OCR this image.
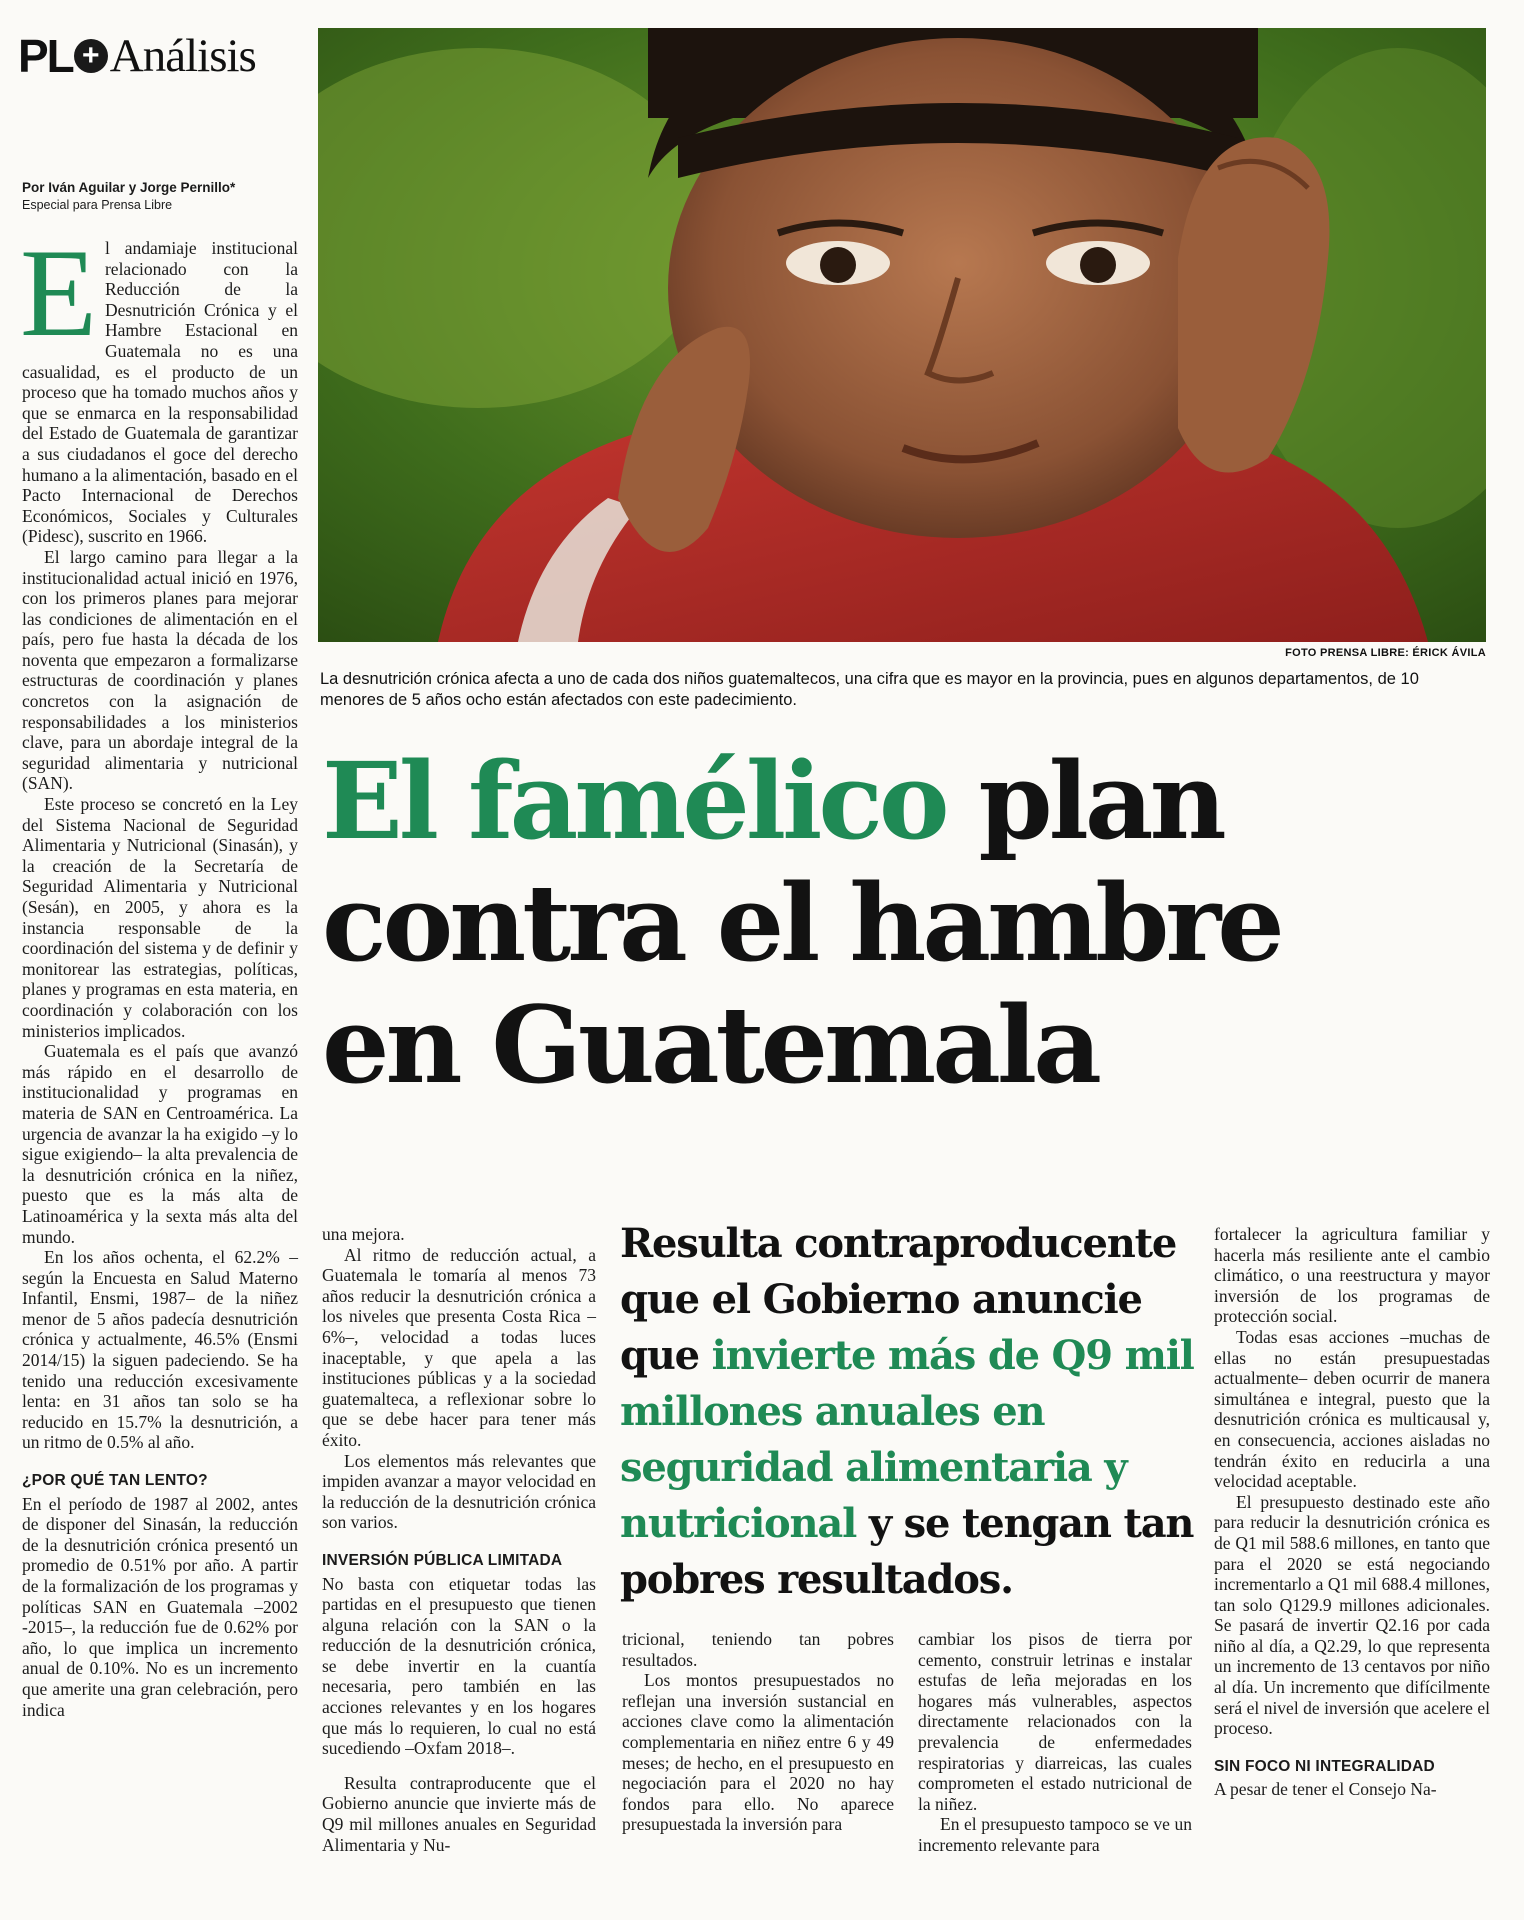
PL + Análisis
FOTO PRENSA LIBRE: ÉRICK ÁVILA
La desnutrición crónica afecta a uno de cada dos niños guatemaltecos, una cifra que es mayor en la provincia, pues en algunos departamentos, de 10 menores de 5 años ocho están afectados con este padecimiento.
Por Iván Aguilar y Jorge Pernillo*
Especial para Prensa Libre

El andamiaje institucional relacionado con la Reducción de la Desnutrición Crónica y el Hambre Estacional en Guatemala no es una casualidad, es el producto de un proceso que ha tomado muchos años y que se enmarca en la responsabilidad del Estado de Guatemala de garantizar a sus ciudadanos el goce del derecho humano a la alimentación, basado en el Pacto Internacional de Derechos Económicos, Sociales y Culturales (Pidesc), suscrito en 1966.

El largo camino para llegar a la institucionalidad actual inició en 1976, con los primeros planes para mejorar las condiciones de alimentación en el país, pero fue hasta la década de los noventa que empezaron a formalizarse estructuras de coordinación y planes concretos con la asignación de responsabilidades a los ministerios clave, para un abordaje integral de la seguridad alimentaria y nutricional (SAN).

Este proceso se concretó en la Ley del Sistema Nacional de Seguridad Alimentaria y Nutricional (Sinasán), y la creación de la Secretaría de Seguridad Alimentaria y Nutricional (Sesán), en 2005, y ahora es la instancia responsable de la coordinación del sistema y de definir y monitorear las estrategias, políticas, planes y programas en esta materia, en coordinación y colaboración con los ministerios implicados.

Guatemala es el país que avanzó más rápido en el desarrollo de institucionalidad y programas en materia de SAN en Centroamérica. La urgencia de avanzar la ha exigido –y lo sigue exigiendo– la alta prevalencia de la desnutrición crónica en la niñez, puesto que es la más alta de Latinoamérica y la sexta más alta del mundo.

En los años ochenta, el 62.2% –según la Encuesta en Salud Materno Infantil, Ensmi, 1987– de la niñez menor de 5 años padecía desnutrición crónica y actualmente, 46.5% (Ensmi 2014/15) la siguen padeciendo. Se ha tenido una reducción excesivamente lenta: en 31 años tan solo se ha reducido en 15.7% la desnutrición, a un ritmo de 0.5% al año.

¿POR QUÉ TAN LENTO?

En el período de 1987 al 2002, antes de disponer del Sinasán, la reducción de la desnutrición crónica presentó un promedio de 0.51% por año. A partir de la formalización de los programas y políticas SAN en Guatemala –2002 -2015–, la reducción fue de 0.62% por año, lo que implica un incremento anual de 0.10%. No es un incremento que amerite una gran celebración, pero indica

El famélico plan
contra el hambre
en Guatemala

una mejora.

Al ritmo de reducción actual, a Guatemala le tomaría al menos 73 años reducir la desnutrición crónica a los niveles que presenta Costa Rica –6%–, velocidad a todas luces inaceptable, y que apela a las instituciones públicas y a la sociedad guatemalteca, a reflexionar sobre lo que se debe hacer para tener más éxito.

Los elementos más relevantes que impiden avanzar a mayor velocidad en la reducción de la desnutrición crónica son varios.

INVERSIÓN PÚBLICA LIMITADA

No basta con etiquetar todas las partidas en el presupuesto que tienen alguna relación con la SAN o la reducción de la desnutrición crónica, se debe invertir en la cuantía necesaria, pero también en las acciones relevantes y en los hogares que más lo requieren, lo cual no está sucediendo –Oxfam 2018–.

Resulta contraproducente que el Gobierno anuncie que invierte más de Q9 mil millones anuales en Seguridad Alimentaria y Nu-

Resulta contraproducente que el Gobierno anuncie que invierte más de Q9 mil millones anuales en seguridad alimentaria y nutricional y se tengan tan pobres resultados.

tricional, teniendo tan pobres resultados.

Los montos presupuestados no reflejan una inversión sustancial en acciones clave como la alimentación complementaria en niñez entre 6 y 49 meses; de hecho, en el presupuesto en negociación para el 2020 no hay fondos para ello. No aparece presupuestada la inversión para

cambiar los pisos de tierra por cemento, construir letrinas e instalar estufas de leña mejoradas en los hogares más vulnerables, aspectos directamente relacionados con la prevalencia de enfermedades respiratorias y diarreicas, las cuales comprometen el estado nutricional de la niñez.

En el presupuesto tampoco se ve un incremento relevante para

fortalecer la agricultura familiar y hacerla más resiliente ante el cambio climático, o una reestructura y mayor inversión de los programas de protección social.

Todas esas acciones –muchas de ellas no están presupuestadas actualmente– deben ocurrir de manera simultánea e integral, puesto que la desnutrición crónica es multicausal y, en consecuencia, acciones aisladas no tendrán éxito en reducirla a una velocidad aceptable.

El presupuesto destinado este año para reducir la desnutrición crónica es de Q1 mil 588.6 millones, en tanto que para el 2020 se está negociando incrementarlo a Q1 mil 688.4 millones, tan solo Q129.9 millones adicionales. Se pasará de invertir Q2.16 por cada niño al día, a Q2.29, lo que representa un incremento de 13 centavos por niño al día. Un incremento que difícilmente será el nivel de inversión que acelere el proceso.

SIN FOCO NI INTEGRALIDAD

A pesar de tener el Consejo Na-
